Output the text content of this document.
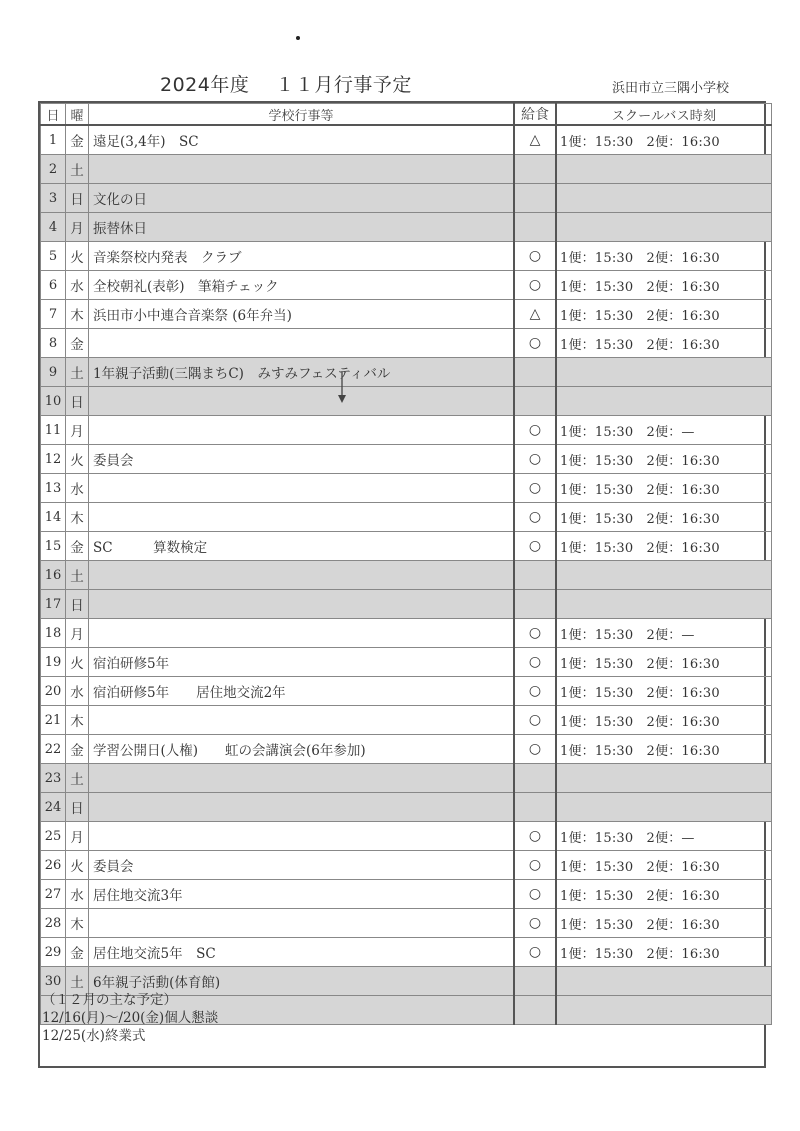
2024年度　 １１月行事予定	浜田市立三隅小学校
日	曜	学校行事等	給食	スクールバス時刻
1	金	遠足(3,4年)　SC	△	1便：15:30　2便：16:30
2	土			
3	日	文化の日		
4	月	振替休日		
5	火	音楽祭校内発表　クラブ	○	1便：15:30　2便：16:30
6	水	全校朝礼(表彰)　筆箱チェック	○	1便：15:30　2便：16:30
7	木	浜田市小中連合音楽祭 (6年弁当)	△	1便：15:30　2便：16:30
8	金		○	1便：15:30　2便：16:30
9	土	1年親子活動(三隅まちC)　みすみフェスティバル		
10	日			
11	月		○	1便：15:30　2便：—
12	火	委員会	○	1便：15:30　2便：16:30
13	水		○	1便：15:30　2便：16:30
14	木		○	1便：15:30　2便：16:30
15	金	SC　　　算数検定	○	1便：15:30　2便：16:30
16	土			
17	日			
18	月		○	1便：15:30　2便：—
19	火	宿泊研修5年	○	1便：15:30　2便：16:30
20	水	宿泊研修5年　　居住地交流2年	○	1便：15:30　2便：16:30
21	木		○	1便：15:30　2便：16:30
22	金	学習公開日(人権)　　虹の会講演会(6年参加)	○	1便：15:30　2便：16:30
23	土			
24	日			
25	月		○	1便：15:30　2便：—
26	火	委員会	○	1便：15:30　2便：16:30
27	水	居住地交流3年	○	1便：15:30　2便：16:30
28	木		○	1便：15:30　2便：16:30
29	金	居住地交流5年　SC	○	1便：15:30　2便：16:30
30	土	6年親子活動(体育館)		

（１２月の主な予定）
12/16(月)～/20(金)個人懇談
12/25(水)終業式
